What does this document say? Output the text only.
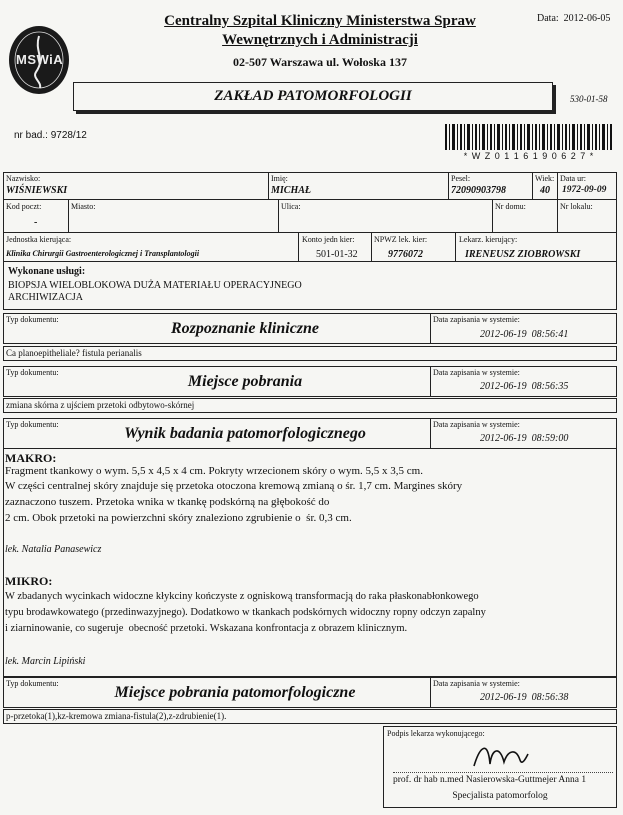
MSWiA
Centralny Szpital Kliniczny Ministerstwa Spraw
Wewnętrznych i Administracji
02-507 Warszawa ul. Wołoska 137
Data:  2012-06-05
ZAKŁAD PATOMORFOLOGII	530-01-58
nr bad.: 9728/12
* W Z 0 1 1 6 1 9 0 6 2 7 *
Nazwisko:
WIŚNIEWSKI
Imię:
MICHAŁ
Pesel:
72090903798
Wiek:
40
Data ur:
1972-09-09
Kod poczt:
-
Miasto:	Ulica:	Nr domu:	Nr lokalu:
Jednostka kierująca:
Klinika Chirurgii Gastroenterologicznej i Transplantologii
Konto jedn kier:
501-01-32
NPWZ lek. kier:
9776072
Lekarz. kierujący:
IRENEUSZ ZIOBROWSKI
Wykonane usługi:
BIOPSJA WIELOBLOKOWA DUŻA MATERIAŁU OPERACYJNEGO
ARCHIWIZACJA
Typ dokumentu:
Rozpoznanie kliniczne
Data zapisania w systemie:
2012-06-19  08:56:41
Ca planoepitheliale? fistula perianalis
Typ dokumentu:
Miejsce pobrania
Data zapisania w systemie:
2012-06-19  08:56:35
zmiana skórna z ujściem przetoki odbytowo-skórnej
Typ dokumentu:
Wynik badania patomorfologicznego
Data zapisania w systemie:
2012-06-19  08:59:00
MAKRO:
Fragment tkankowy o wym. 5,5 x 4,5 x 4 cm. Pokryty wrzecionem skóry o wym. 5,5 x 3,5 cm.
W części centralnej skóry znajduje się przetoka otoczona kremową zmianą o śr. 1,7 cm. Margines skóry
zaznaczono tuszem. Przetoka wnika w tkankę podskórną na głębokość do
2 cm. Obok przetoki na powierzchni skóry znaleziono zgrubienie o  śr. 0,3 cm.
lek. Natalia Panasewicz
MIKRO:
W zbadanych wycinkach widoczne kłykciny kończyste z ogniskową transformacją do raka płaskonabłonkowego
typu brodawkowatego (przedinwazyjnego). Dodatkowo w tkankach podskórnych widoczny ropny odczyn zapalny
i ziarninowanie, co sugeruje  obecność przetoki. Wskazana konfrontacja z obrazem klinicznym.
lek. Marcin Lipiński
Typ dokumentu:
Miejsce pobrania patomorfologiczne
Data zapisania w systemie:
2012-06-19  08:56:38
p-przetoka(1),kz-kremowa zmiana-fistula(2),z-zdrubienie(1).
Podpis lekarza wykonującego:
prof. dr hab n.med Nasierowska-Guttmejer Anna 1
Specjalista patomorfolog
